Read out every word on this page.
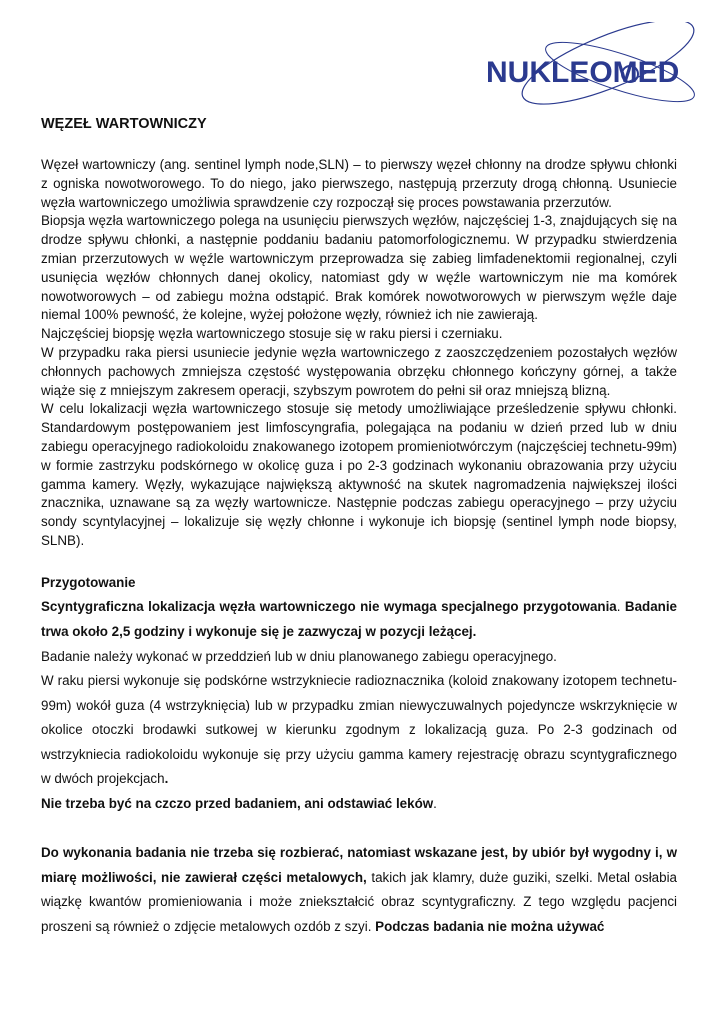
NUKLEOMED
WĘZEŁ WARTOWNICZY

Węzeł wartowniczy (ang. sentinel lymph node,SLN) – to pierwszy węzeł chłonny na drodze spływu chłonki z ogniska nowotworowego. To do niego, jako pierwszego, następują przerzuty drogą chłonną. Usuniecie węzła wartowniczego umożliwia sprawdzenie czy rozpoczął się proces powstawania przerzutów.

Biopsja węzła wartowniczego polega na usunięciu pierwszych węzłów, najczęściej 1-3, znajdujących się na drodze spływu chłonki, a następnie poddaniu badaniu patomorfologicznemu. W przypadku stwierdzenia zmian przerzutowych w węźle wartowniczym przeprowadza się zabieg limfadenektomii regionalnej, czyli usunięcia węzłów chłonnych danej okolicy, natomiast gdy w węźle wartowniczym nie ma komórek nowotworowych – od zabiegu można odstąpić. Brak komórek nowotworowych w pierwszym węźle daje niemal 100% pewność, że kolejne, wyżej położone węzły, również ich nie zawierają.

Najczęściej biopsję węzła wartowniczego stosuje się w raku piersi i czerniaku.

W przypadku raka piersi usuniecie jedynie węzła wartowniczego z zaoszczędzeniem pozostałych węzłów chłonnych pachowych zmniejsza częstość występowania obrzęku chłonnego kończyny górnej, a także wiąże się z mniejszym zakresem operacji, szybszym powrotem do pełni sił oraz mniejszą blizną.

W celu lokalizacji węzła wartowniczego stosuje się metody umożliwiające prześledzenie spływu chłonki. Standardowym postępowaniem jest limfoscyngrafia, polegająca na podaniu w dzień przed lub w dniu zabiegu operacyjnego radiokoloidu znakowanego izotopem promieniotwórczym (najczęściej technetu-99m) w formie zastrzyku podskórnego w okolicę guza i po 2-3 godzinach wykonaniu obrazowania przy użyciu gamma kamery. Węzły, wykazujące największą aktywność na skutek nagromadzenia największej ilości znacznika, uznawane są za węzły wartownicze. Następnie podczas zabiegu operacyjnego – przy użyciu sondy scyntylacyjnej – lokalizuje się węzły chłonne i wykonuje ich biopsję (sentinel lymph node biopsy, SLNB).

Przygotowanie

Scyntygraficzna lokalizacja węzła wartowniczego nie wymaga specjalnego przygotowania. Badanie trwa około 2,5 godziny i wykonuje się je zazwyczaj w pozycji leżącej.

Badanie należy wykonać w przeddzień lub w dniu planowanego zabiegu operacyjnego.

W raku piersi wykonuje się podskórne wstrzykniecie radioznacznika (koloid znakowany izotopem technetu-99m) wokół guza (4 wstrzyknięcia) lub w przypadku zmian niewyczuwalnych pojedyncze wskrzyknięcie w okolice otoczki brodawki sutkowej w kierunku zgodnym z lokalizacją guza. Po 2-3 godzinach od wstrzykniecia radiokoloidu wykonuje się przy użyciu gamma kamery rejestrację obrazu scyntygraficznego w dwóch projekcjach.

Nie trzeba być na czczo przed badaniem, ani odstawiać leków.

Do wykonania badania nie trzeba się rozbierać, natomiast wskazane jest, by ubiór był wygodny i, w miarę możliwości, nie zawierał części metalowych, takich jak klamry, duże guziki, szelki. Metal osłabia wiązkę kwantów promieniowania i może zniekształcić obraz scyntygraficzny. Z tego względu pacjenci proszeni są również o zdjęcie metalowych ozdób z szyi. Podczas badania nie można używać
